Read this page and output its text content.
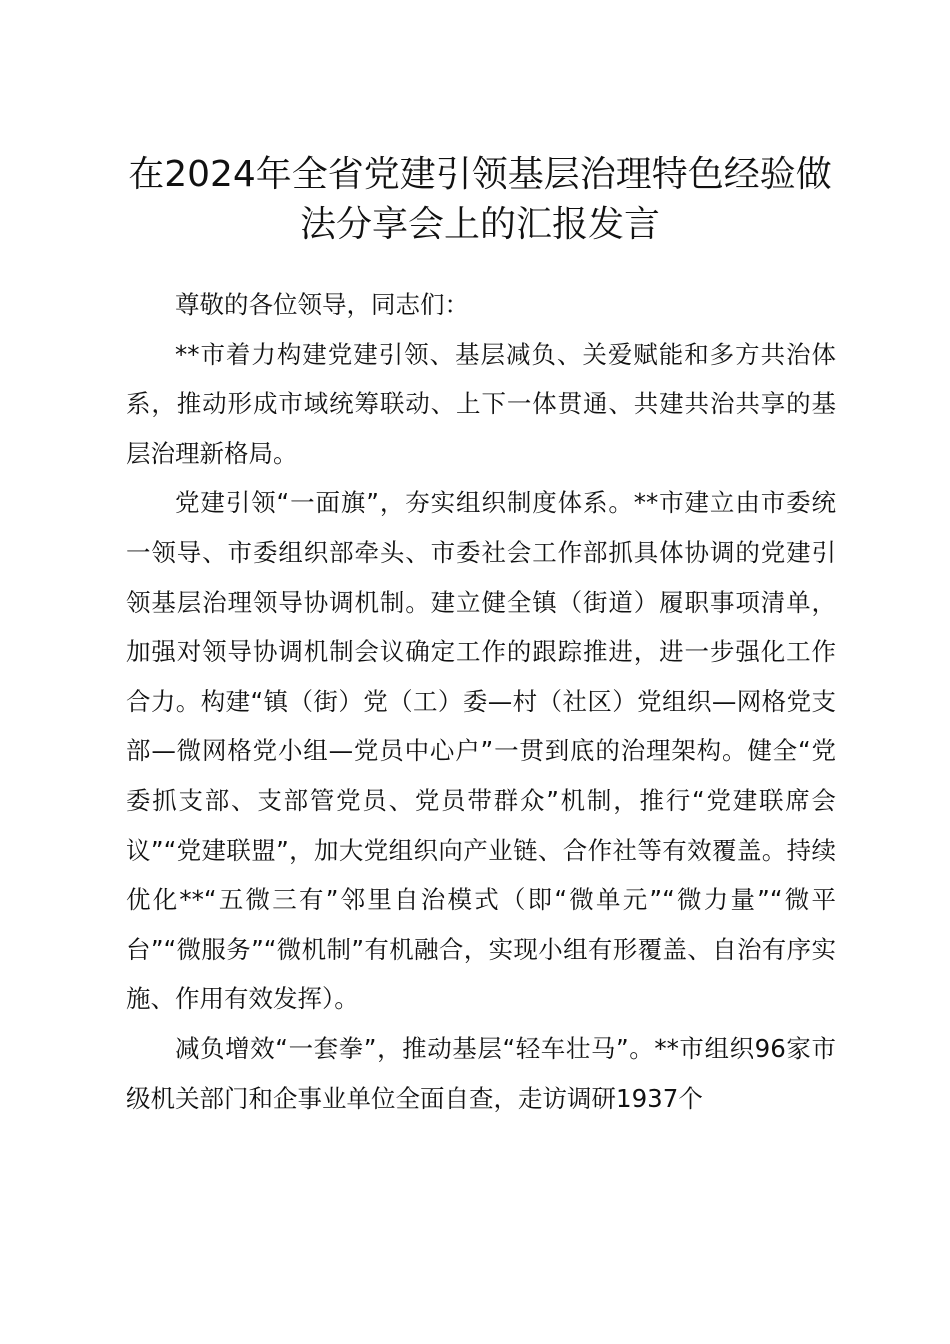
在2024年全省党建引领基层治理特色经验做
法分享会上的汇报发言

尊敬的各位领导，同志们：

**市着力构建党建引领、基层减负、关爱赋能和多方共治体系，推动形成市域统筹联动、上下一体贯通、共建共治共享的基层治理新格局。

党建引领“一面旗”，夯实组织制度体系。**市建立由市委统一领导、市委组织部牵头、市委社会工作部抓具体协调的党建引领基层治理领导协调机制。建立健全镇（街道）履职事项清单，加强对领导协调机制会议确定工作的跟踪推进，进一步强化工作合力。构建“镇（街）党（工）委—村（社区）党组织—网格党支部—微网格党小组—党员中心户”一贯到底的治理架构。健全“党委抓支部、支部管党员、党员带群众”机制，推行“党建联席会议”“党建联盟”，加大党组织向产业链、合作社等有效覆盖。持续优化**“五微三有”邻里自治模式（即“微单元”“微力量”“微平台”“微服务”“微机制”有机融合，实现小组有形覆盖、自治有序实施、作用有效发挥）。

减负增效“一套拳”，推动基层“轻车壮马”。**市组织96家市级机关部门和企事业单位全面自查，走访调研1937个
